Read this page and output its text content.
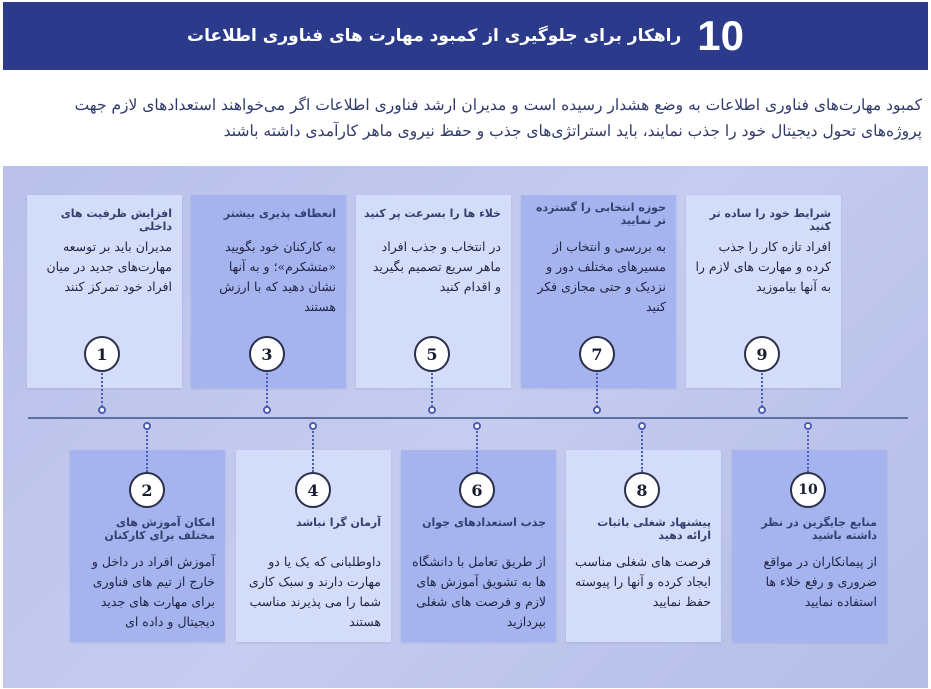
10
راهکار برای جلوگیری از کمبود مهارت های فناوری اطلاعات
کمبود مهارت‌های فناوری اطلاعات به وضع هشدار رسیده است و مدیران ارشد فناوری اطلاعات اگر می‌خواهند استعدادهای لازم جهت پروژه‌های تحول دیجیتال خود را جذب نمایند، باید استراتژی‌های جذب و حفظ نیروی ماهر کارآمدی داشته باشند
افزایش ظرفیت های داخلی
مدیران باید بر توسعه مهارت‌های جدید در میان افراد خود تمرکز کنند
انعطاف پذیری بیشتر
به کارکنان خود بگویید «متشکرم»؛ و به آنها نشان دهید که با ارزش هستند
خلاء ها را بسرعت پر کنید
در انتخاب و جذب افراد ماهر سریع تصمیم بگیرید و اقدام کنید
حوزه انتخابی را گسترده تر نمایید
به بررسی و انتخاب از مسیرهای مختلف دور و نزدیک و حتی مجازی فکر کنید
شرایط خود را ساده تر کنید
افراد تازه کار را جذب کرده و مهارت های لازم را به آنها بیاموزید
امکان آموزش های مختلف برای کارکنان
آموزش افراد در داخل و خارج از تیم های فناوری برای مهارت های جدید دیجیتال و داده ای
آرمان گرا نباشد
داوطلبانی که یک یا دو مهارت دارند و سبک کاری شما را می پذیرند مناسب هستند
جذب استعدادهای جوان
از طریق تعامل با دانشگاه ها به تشویق آموزش های لازم و فرصت های شغلی بپردازید
پیشنهاد شغلی باثبات ارائه دهید
فرصت های شغلی مناسب ایجاد کرده و آنها را پیوسته حفظ نمایید
منابع جایگزین در نظر داشته باشید
از پیمانکاران در مواقع ضروری و رفع خلاء ها استفاده نمایید
1	3	5	7	9
2	4	6	8	10
